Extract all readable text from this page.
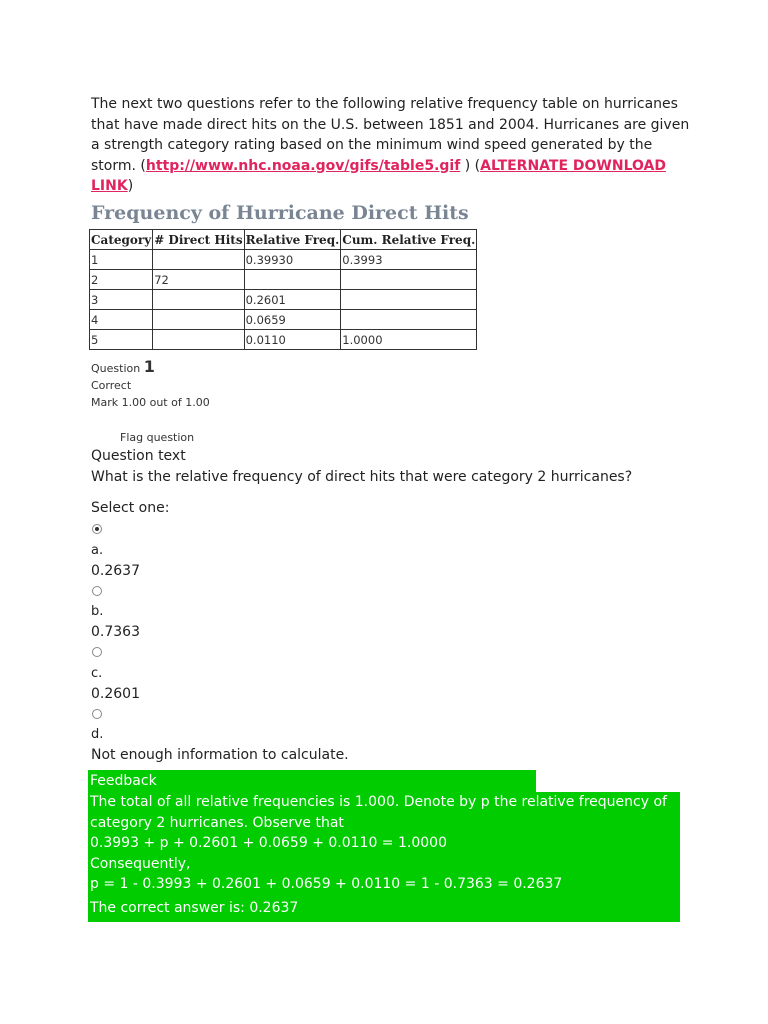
The next two questions refer to the following relative frequency table on hurricanes that have made direct hits on the U.S. between 1851 and 2004. Hurricanes are given a strength category rating based on the minimum wind speed generated by the storm. (http://www.nhc.noaa.gov/gifs/table5.gif ) (ALTERNATE DOWNLOAD LINK)
Frequency of Hurricane Direct Hits
Category	# Direct Hits	Relative Freq.	Cum. Relative Freq.
1		0.39930	0.3993
2	72		
3		0.2601	
4		0.0659	
5		0.0110	1.0000
Question 1
Correct
Mark 1.00 out of 1.00
Flag question
Question text
What is the relative frequency of direct hits that were category 2 hurricanes?
Select one:
a.
0.2637
b.
0.7363
c.
0.2601
d.
Not enough information to calculate.
Feedback
The total of all relative frequencies is 1.000. Denote by p the relative frequency of
category 2 hurricanes. Observe that
0.3993 + p + 0.2601 + 0.0659 + 0.0110 = 1.0000
Consequently,
p = 1 - 0.3993 + 0.2601 + 0.0659 + 0.0110 = 1 - 0.7363 = 0.2637
The correct answer is: 0.2637
